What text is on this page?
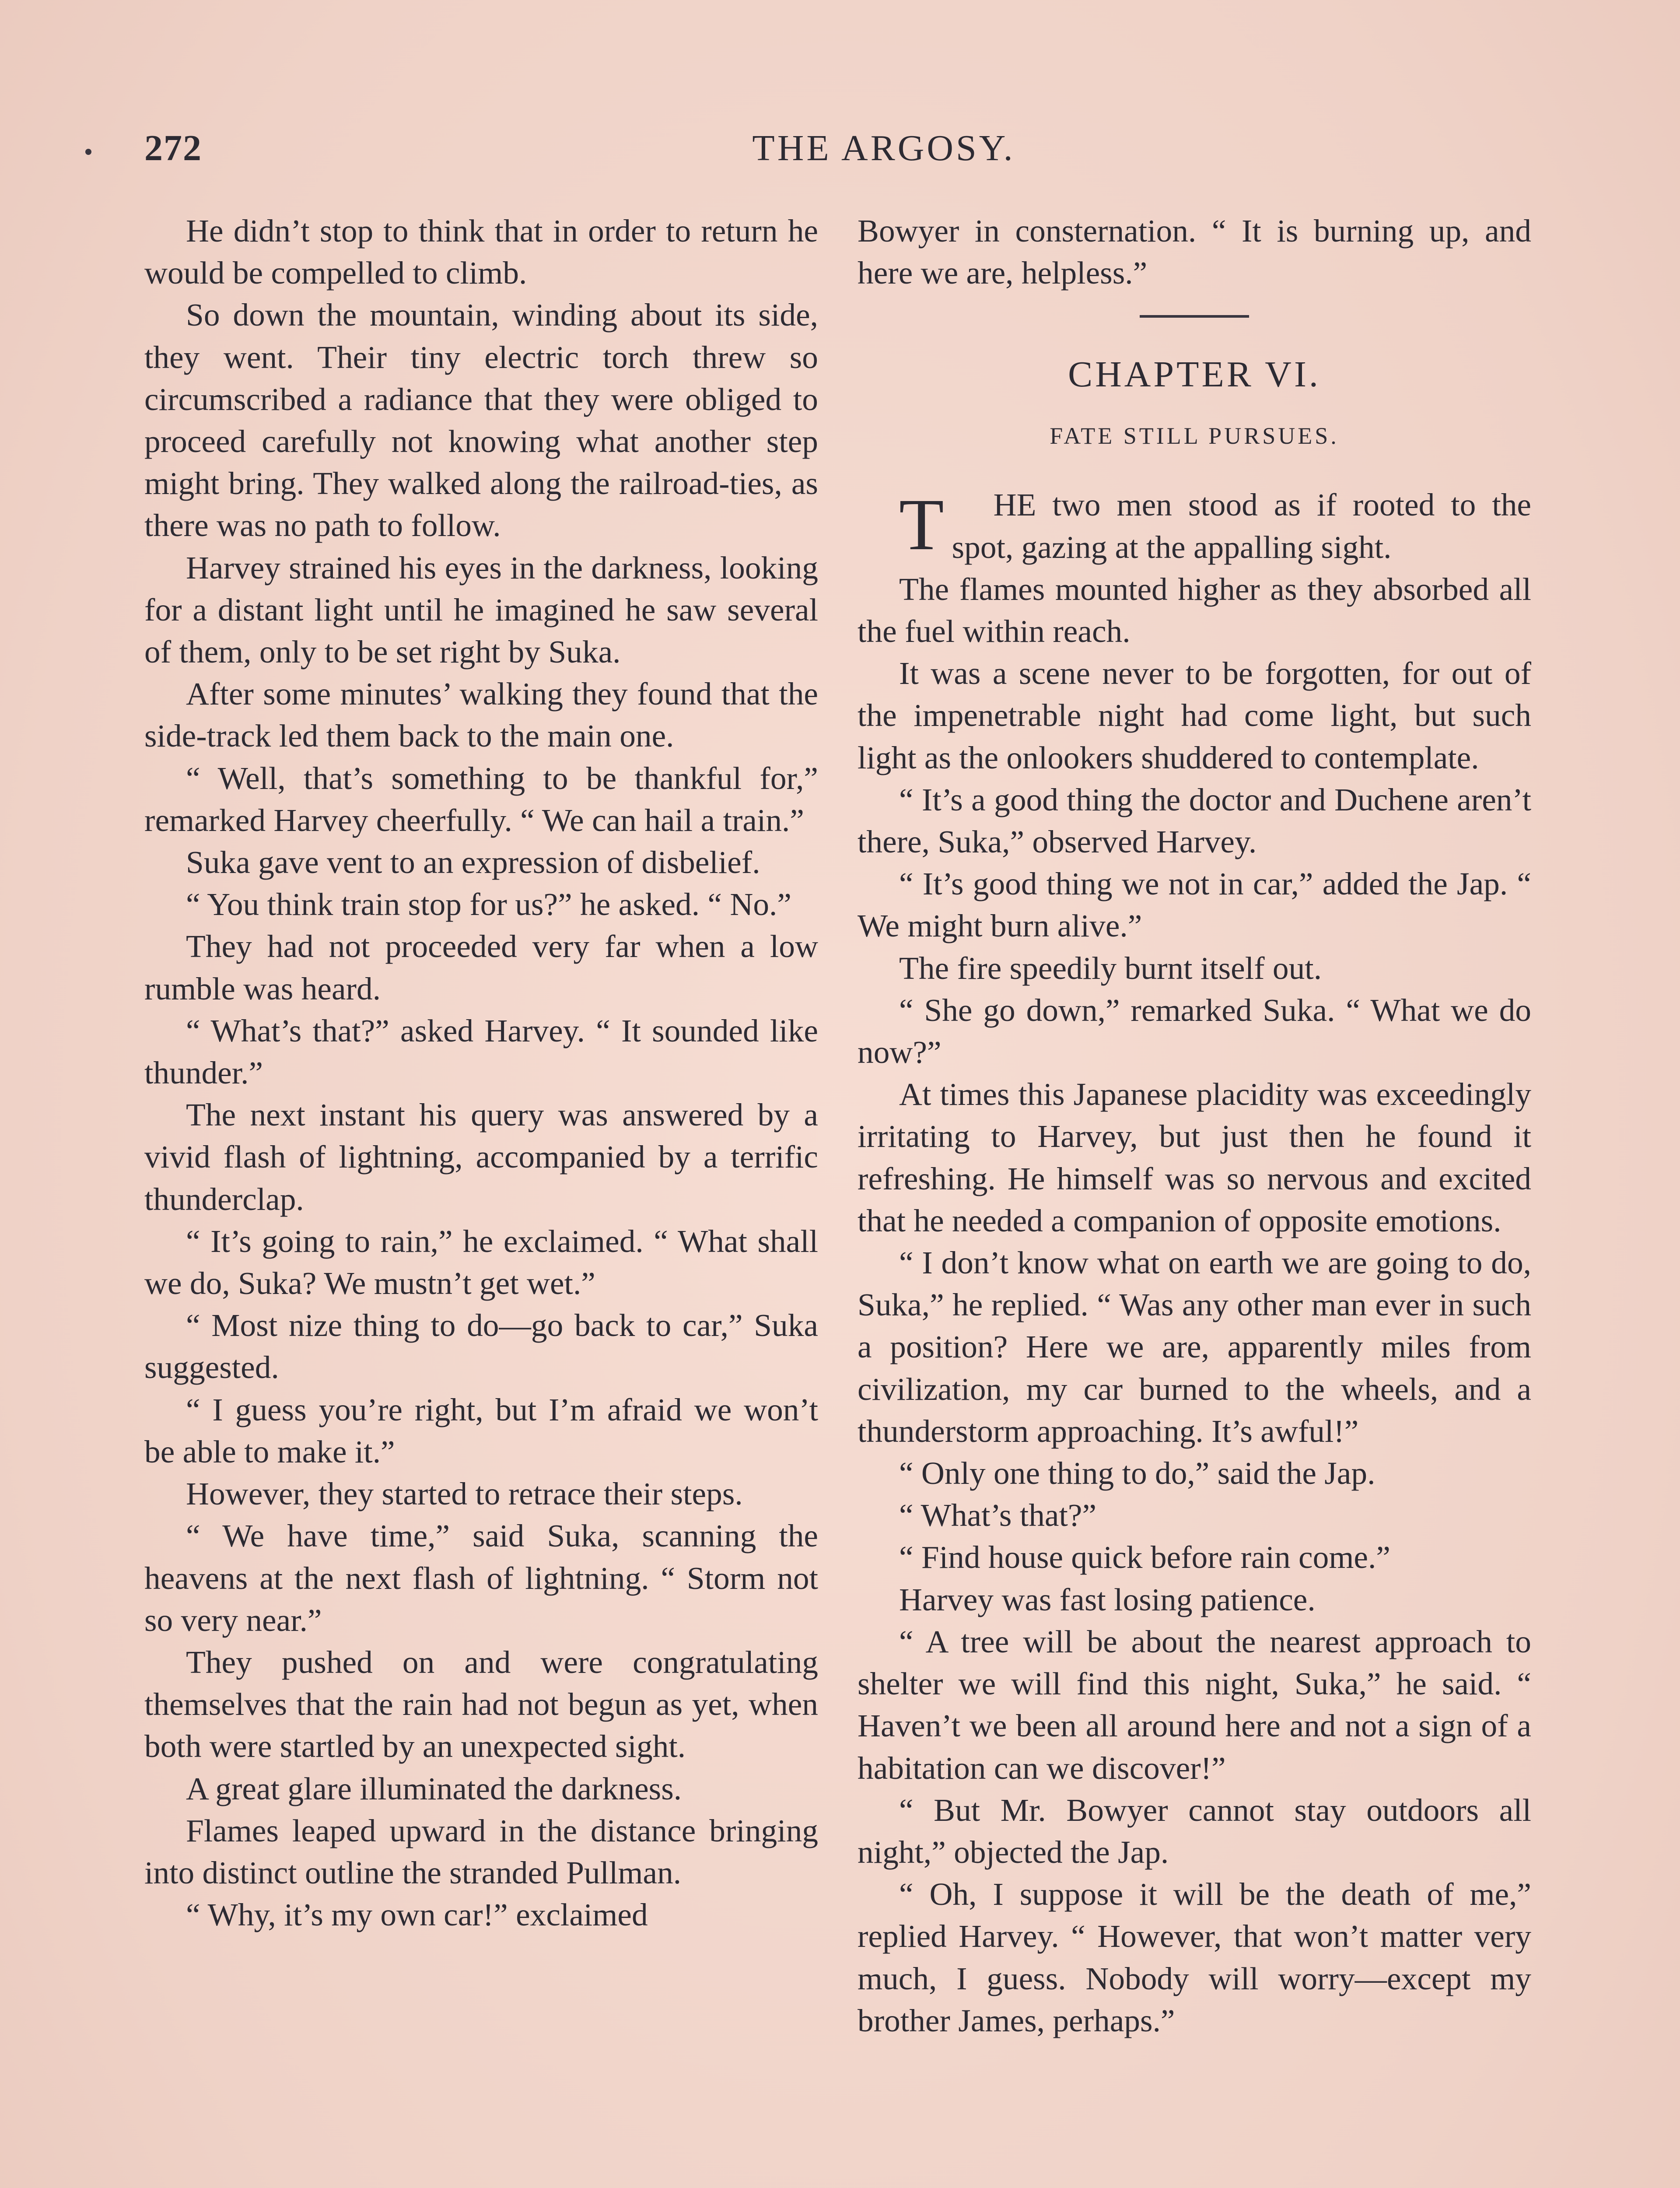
272	THE ARGOSY.

He didn’t stop to think that in order to return he would be compelled to climb.

So down the mountain, winding about its side, they went. Their tiny electric torch threw so circumscribed a radiance that they were obliged to proceed carefully not knowing what another step might bring. They walked along the railroad-ties, as there was no path to follow.

Harvey strained his eyes in the darkness, looking for a distant light until he imagined he saw several of them, only to be set right by Suka.

After some minutes’ walking they found that the side-track led them back to the main one.

“ Well, that’s something to be thankful for,” remarked Harvey cheerfully. “ We can hail a train.”

Suka gave vent to an expression of disbelief.

“ You think train stop for us?” he asked. “ No.”

They had not proceeded very far when a low rumble was heard.

“ What’s that?” asked Harvey. “ It sounded like thunder.”

The next instant his query was answered by a vivid flash of lightning, accompanied by a terrific thunderclap.

“ It’s going to rain,” he exclaimed. “ What shall we do, Suka? We mustn’t get wet.”

“ Most nize thing to do—go back to car,” Suka suggested.

“ I guess you’re right, but I’m afraid we won’t be able to make it.”

However, they started to retrace their steps.

“ We have time,” said Suka, scanning the heavens at the next flash of lightning. “ Storm not so very near.”

They pushed on and were congratulating themselves that the rain had not begun as yet, when both were startled by an unexpected sight.

A great glare illuminated the darkness.

Flames leaped upward in the distance bringing into distinct outline the stranded Pullman.

“ Why, it’s my own car!” exclaimed

Bowyer in consternation. “ It is burning up, and here we are, helpless.”

CHAPTER VI.
FATE STILL PURSUES.

T HE two men stood as if rooted to the spot, gazing at the appalling sight.

The flames mounted higher as they absorbed all the fuel within reach.

It was a scene never to be forgotten, for out of the impenetrable night had come light, but such light as the onlookers shuddered to contemplate.

“ It’s a good thing the doctor and Duchene aren’t there, Suka,” observed Harvey.

“ It’s good thing we not in car,” added the Jap. “ We might burn alive.”

The fire speedily burnt itself out.

“ She go down,” remarked Suka. “ What we do now?”

At times this Japanese placidity was exceedingly irritating to Harvey, but just then he found it refreshing. He himself was so nervous and excited that he needed a companion of opposite emotions.

“ I don’t know what on earth we are going to do, Suka,” he replied. “ Was any other man ever in such a position? Here we are, apparently miles from civilization, my car burned to the wheels, and a thunderstorm approaching. It’s awful!”

“ Only one thing to do,” said the Jap.

“ What’s that?”

“ Find house quick before rain come.”

Harvey was fast losing patience.

“ A tree will be about the nearest approach to shelter we will find this night, Suka,” he said. “ Haven’t we been all around here and not a sign of a habitation can we discover!”

“ But Mr. Bowyer cannot stay outdoors all night,” objected the Jap.

“ Oh, I suppose it will be the death of me,” replied Harvey. “ However, that won’t matter very much, I guess. Nobody will worry—except my brother James, perhaps.”
